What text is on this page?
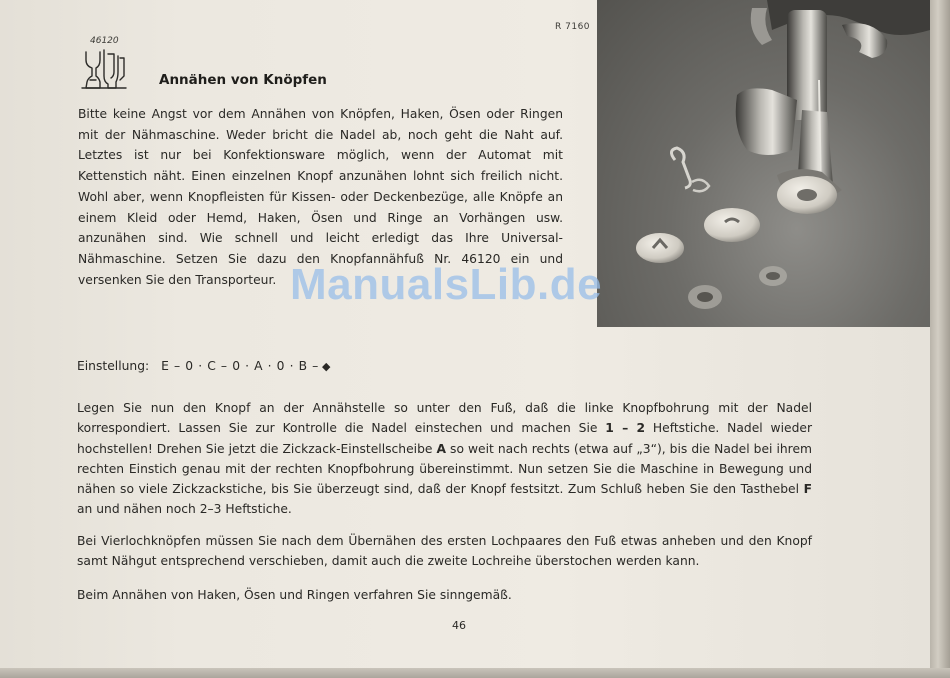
46120
Annähen von Knöpfen
R 7160
Bitte keine Angst vor dem Annähen von Knöpfen, Haken, Ösen oder Ringen mit der Nähmaschine. Weder bricht die Nadel ab, noch geht die Naht auf. Letztes ist nur bei Konfektionsware möglich, wenn der Automat mit Kettenstich näht. Einen einzelnen Knopf anzunähen lohnt sich freilich nicht. Wohl aber, wenn Knopfleisten für Kissen- oder Deckenbezüge, alle Knöpfe an einem Kleid oder Hemd, Haken, Ösen und Ringe an Vorhängen usw. anzunähen sind. Wie schnell und leicht erledigt das Ihre Universal-Nähmaschine. Setzen Sie dazu den Knopfannähfuß Nr. 46120 ein und versenken Sie den Transporteur. ManualsLib.de
Einstellung: E – 0 · C – 0 · A · 0 · B – ◆
Legen Sie nun den Knopf an der Annähstelle so unter den Fuß, daß die linke Knopfbohrung mit der Nadel korrespondiert. Lassen Sie zur Kontrolle die Nadel einstechen und machen Sie 1 – 2 Heftstiche. Nadel wieder hochstellen! Drehen Sie jetzt die Zickzack-Einstellscheibe A so weit nach rechts (etwa auf „3“), bis die Nadel bei ihrem rechten Einstich genau mit der rechten Knopfbohrung übereinstimmt. Nun setzen Sie die Maschine in Bewegung und nähen so viele Zickzackstiche, bis Sie überzeugt sind, daß der Knopf festsitzt. Zum Schluß heben Sie den Tasthebel F an und nähen noch 2–3 Heftstiche.
Bei Vierlochknöpfen müssen Sie nach dem Übernähen des ersten Lochpaares den Fuß etwas anheben und den Knopf samt Nähgut entsprechend verschieben, damit auch die zweite Lochreihe überstochen werden kann.
Beim Annähen von Haken, Ösen und Ringen verfahren Sie sinngemäß.
46
